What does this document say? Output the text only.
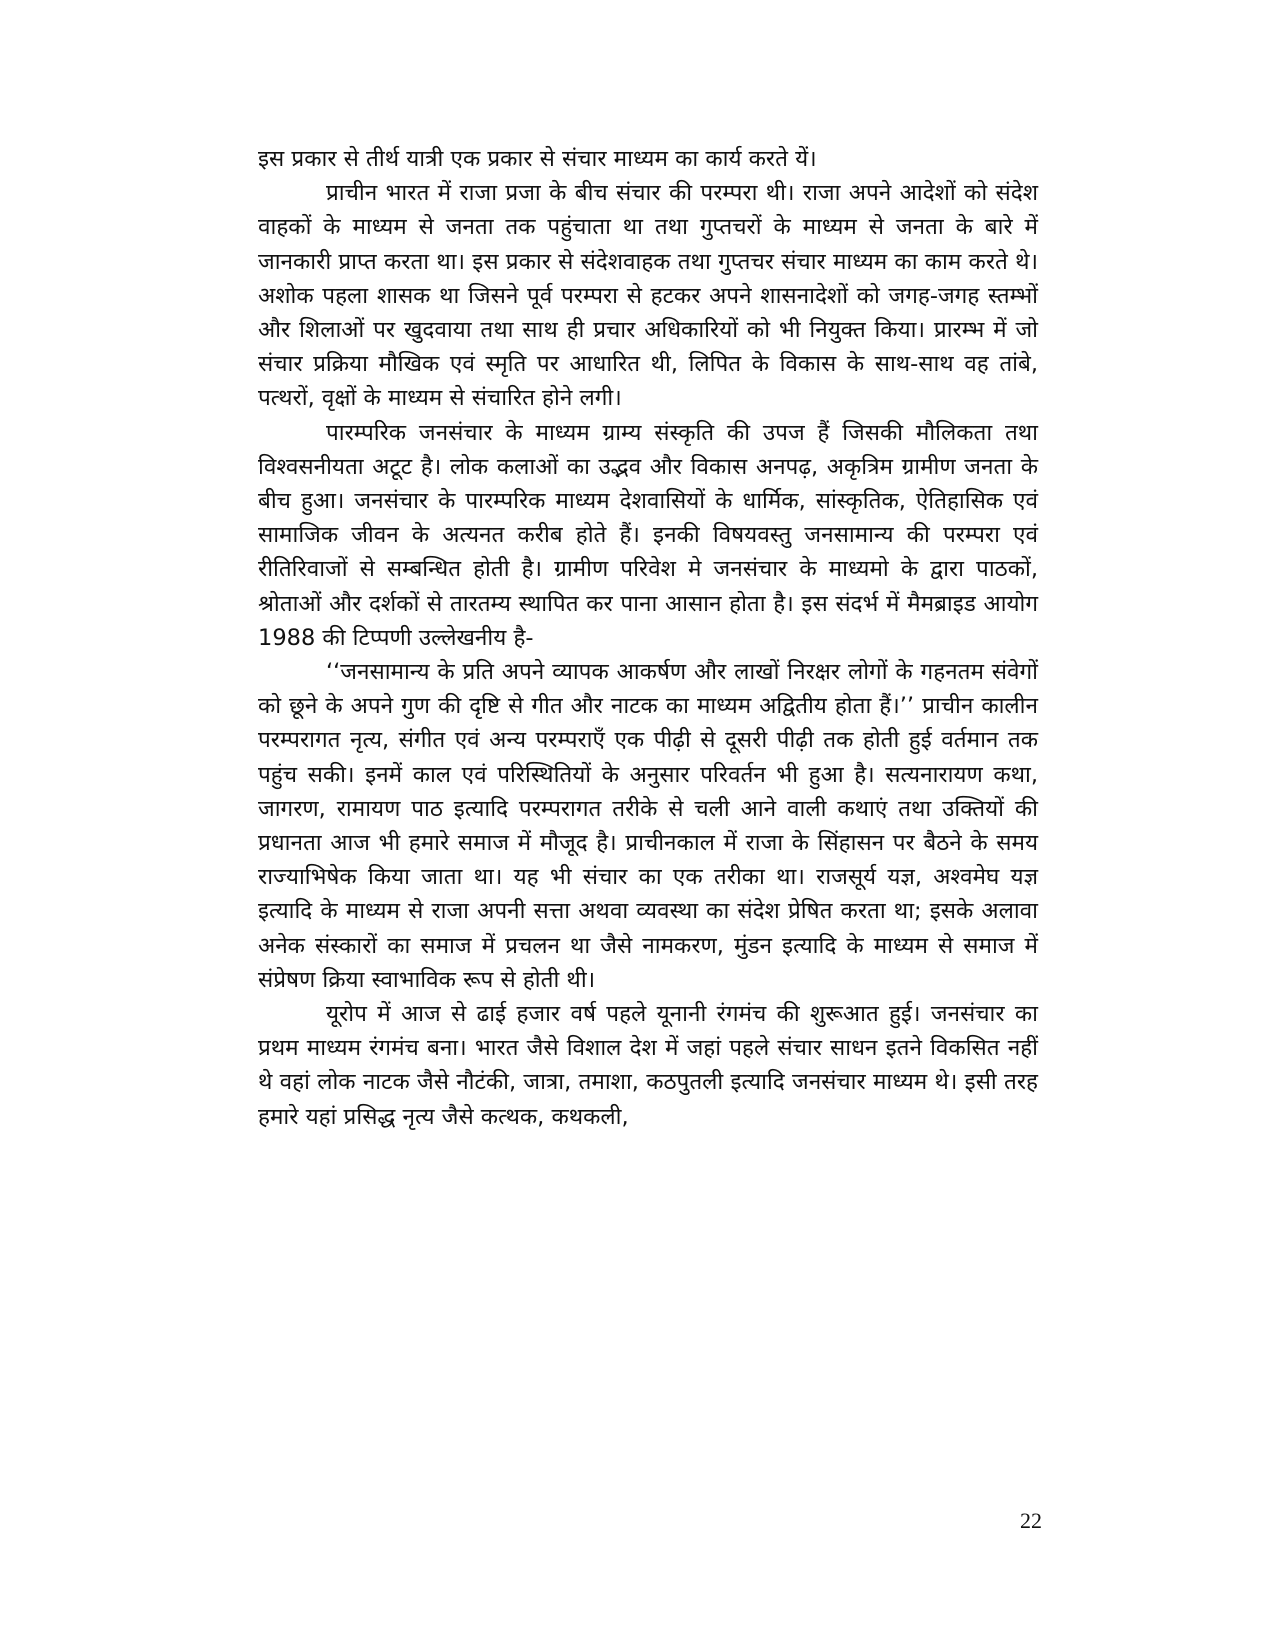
इस प्रकार से तीर्थ यात्री एक प्रकार से संचार माध्यम का कार्य करते यें।

प्राचीन भारत में राजा प्रजा के बीच संचार की परम्परा थी। राजा अपने आदेशों को संदेश वाहकों के माध्यम से जनता तक पहुंचाता था तथा गुप्तचरों के माध्यम से जनता के बारे में जानकारी प्राप्त करता था। इस प्रकार से संदेशवाहक तथा गुप्तचर संचार माध्यम का काम करते थे। अशोक पहला शासक था जिसने पूर्व परम्परा से हटकर अपने शासनादेशों को जगह-जगह स्तम्भों और शिलाओं पर खुदवाया तथा साथ ही प्रचार अधिकारियों को भी नियुक्त किया। प्रारम्भ में जो संचार प्रक्रिया मौखिक एवं स्मृति पर आधारित थी, लिपित के विकास के साथ-साथ वह तांबे, पत्थरों, वृक्षों के माध्यम से संचारित होने लगी।

पारम्परिक जनसंचार के माध्यम ग्राम्य संस्कृति की उपज हैं जिसकी मौलिकता तथा विश्वसनीयता अटूट है। लोक कलाओं का उद्भव और विकास अनपढ़, अकृत्रिम ग्रामीण जनता के बीच हुआ। जनसंचार के पारम्परिक माध्यम देशवासियों के धार्मिक, सांस्कृतिक, ऐतिहासिक एवं सामाजिक जीवन के अत्यनत करीब होते हैं। इनकी विषयवस्तु जनसामान्य की परम्परा एवं रीतिरिवाजों से सम्बन्धित होती है। ग्रामीण परिवेश मे जनसंचार के माध्यमो के द्वारा पाठकों, श्रोताओं और दर्शकों से तारतम्य स्थापित कर पाना आसान होता है। इस संदर्भ में मैमब्राइड आयोग 1988 की टिप्पणी उल्लेखनीय है-

‘‘जनसामान्य के प्रति अपने व्यापक आकर्षण और लाखों निरक्षर लोगों के गहनतम संवेगों को छूने के अपने गुण की दृष्टि से गीत और नाटक का माध्यम अद्वितीय होता हैं।’’ प्राचीन कालीन परम्परागत नृत्य, संगीत एवं अन्य परम्पराएँ एक पीढ़ी से दूसरी पीढ़ी तक होती हुई वर्तमान तक पहुंच सकी। इनमें काल एवं परिस्थितियों के अनुसार परिवर्तन भी हुआ है। सत्यनारायण कथा, जागरण, रामायण पाठ इत्यादि परम्परागत तरीके से चली आने वाली कथाएं तथा उक्तियों की प्रधानता आज भी हमारे समाज में मौजूद है। प्राचीनकाल में राजा के सिंहासन पर बैठने के समय राज्याभिषेक किया जाता था। यह भी संचार का एक तरीका था। राजसूर्य यज्ञ, अश्वमेघ यज्ञ इत्यादि के माध्यम से राजा अपनी सत्ता अथवा व्यवस्था का संदेश प्रेषित करता था; इसके अलावा अनेक संस्कारों का समाज में प्रचलन था जैसे नामकरण, मुंडन इत्यादि के माध्यम से समाज में संप्रेषण क्रिया स्वाभाविक रूप से होती थी।

यूरोप में आज से ढाई हजार वर्ष पहले यूनानी रंगमंच की शुरूआत हुई। जनसंचार का प्रथम माध्यम रंगमंच बना। भारत जैसे विशाल देश में जहां पहले संचार साधन इतने विकसित नहीं थे वहां लोक नाटक जैसे नौटंकी, जात्रा, तमाशा, कठपुतली इत्यादि जनसंचार माध्यम थे। इसी तरह हमारे यहां प्रसिद्ध नृत्य जैसे कत्थक, कथकली,

22
